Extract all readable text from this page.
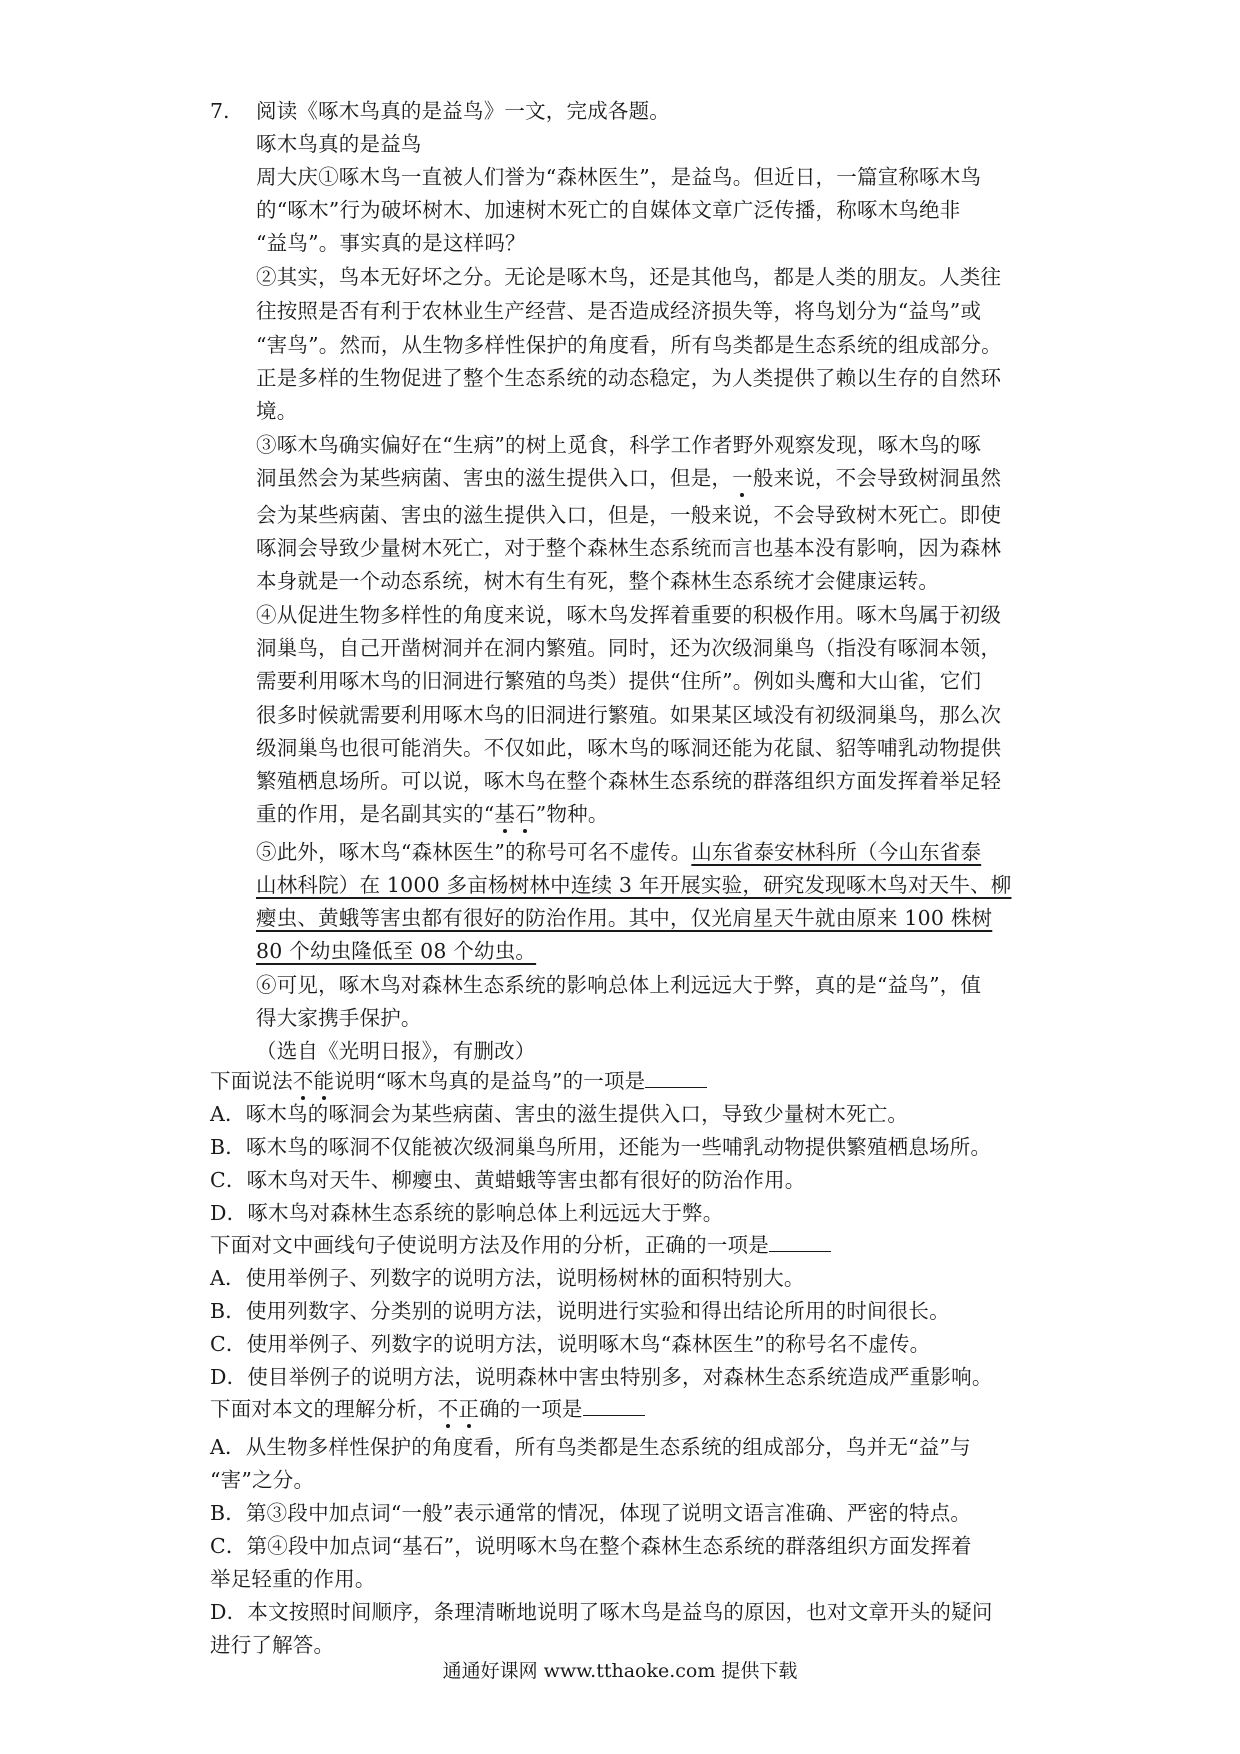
7. 阅读《啄木鸟真的是益鸟》一文，完成各题。
啄木鸟真的是益鸟
周大庆①啄木鸟一直被人们誉为“森林医生”，是益鸟。但近日，一篇宣称啄木鸟
的“啄木”行为破坏树木、加速树木死亡的自媒体文章广泛传播，称啄木鸟绝非
“益鸟”。事实真的是这样吗？
②其实，鸟本无好坏之分。无论是啄木鸟，还是其他鸟，都是人类的朋友。人类往
往按照是否有利于农林业生产经营、是否造成经济损失等，将鸟划分为“益鸟”或
“害鸟”。然而，从生物多样性保护的角度看，所有鸟类都是生态系统的组成部分。
正是多样的生物促进了整个生态系统的动态稳定，为人类提供了赖以生存的自然环
境。
③啄木鸟确实偏好在“生病”的树上觅食，科学工作者野外观察发现，啄木鸟的啄
洞虽然会为某些病菌、害虫的滋生提供入口，但是，一般来说，不会导致树洞虽然
会为某些病菌、害虫的滋生提供入口，但是，一般来说，不会导致树木死亡。即使
啄洞会导致少量树木死亡，对于整个森林生态系统而言也基本没有影响，因为森林
本身就是一个动态系统，树木有生有死，整个森林生态系统才会健康运转。
④从促进生物多样性的角度来说，啄木鸟发挥着重要的积极作用。啄木鸟属于初级
洞巢鸟，自己开凿树洞并在洞内繁殖。同时，还为次级洞巢鸟（指没有啄洞本领，
需要利用啄木鸟的旧洞进行繁殖的鸟类）提供“住所”。例如头鹰和大山雀，它们
很多时候就需要利用啄木鸟的旧洞进行繁殖。如果某区域没有初级洞巢鸟，那么次
级洞巢鸟也很可能消失。不仅如此，啄木鸟的啄洞还能为花鼠、貂等哺乳动物提供
繁殖栖息场所。可以说，啄木鸟在整个森林生态系统的群落组织方面发挥着举足轻
重的作用，是名副其实的“基石”物种。
⑤此外，啄木鸟“森林医生”的称号可名不虚传。山东省泰安林科所（今山东省泰
山林科院）在 1000 多亩杨树林中连续 3 年开展实验，研究发现啄木鸟对天牛、柳
瘿虫、黄蛾等害虫都有很好的防治作用。其中，仅光肩星天牛就由原来 100 株树
80 个幼虫隆低至 08 个幼虫。
⑥可见，啄木鸟对森林生态系统的影响总体上利远远大于弊，真的是“益鸟”，值
得大家携手保护。
（选自《光明日报》，有删改）
下面说法不能说明“啄木鸟真的是益鸟”的一项是
A．啄木鸟的啄洞会为某些病菌、害虫的滋生提供入口，导致少量树木死亡。
B．啄木鸟的啄洞不仅能被次级洞巢鸟所用，还能为一些哺乳动物提供繁殖栖息场所。
C．啄木鸟对天牛、柳瘿虫、黄蜡蛾等害虫都有很好的防治作用。
D．啄木鸟对森林生态系统的影响总体上利远远大于弊。
下面对文中画线句子使说明方法及作用的分析，正确的一项是
A．使用举例子、列数字的说明方法，说明杨树林的面积特别大。
B．使用列数字、分类别的说明方法，说明进行实验和得出结论所用的时间很长。
C．使用举例子、列数字的说明方法，说明啄木鸟“森林医生”的称号名不虚传。
D．使目举例子的说明方法，说明森林中害虫特别多，对森林生态系统造成严重影响。
下面对本文的理解分析，不正确的一项是
A．从生物多样性保护的角度看，所有鸟类都是生态系统的组成部分，鸟并无“益”与
“害”之分。
B．第③段中加点词“一般”表示通常的情况，体现了说明文语言准确、严密的特点。
C．第④段中加点词“基石”，说明啄木鸟在整个森林生态系统的群落组织方面发挥着
举足轻重的作用。
D．本文按照时间顺序，条理清晰地说明了啄木鸟是益鸟的原因，也对文章开头的疑问
进行了解答。
通通好课网 www.tthaoke.com 提供下载
